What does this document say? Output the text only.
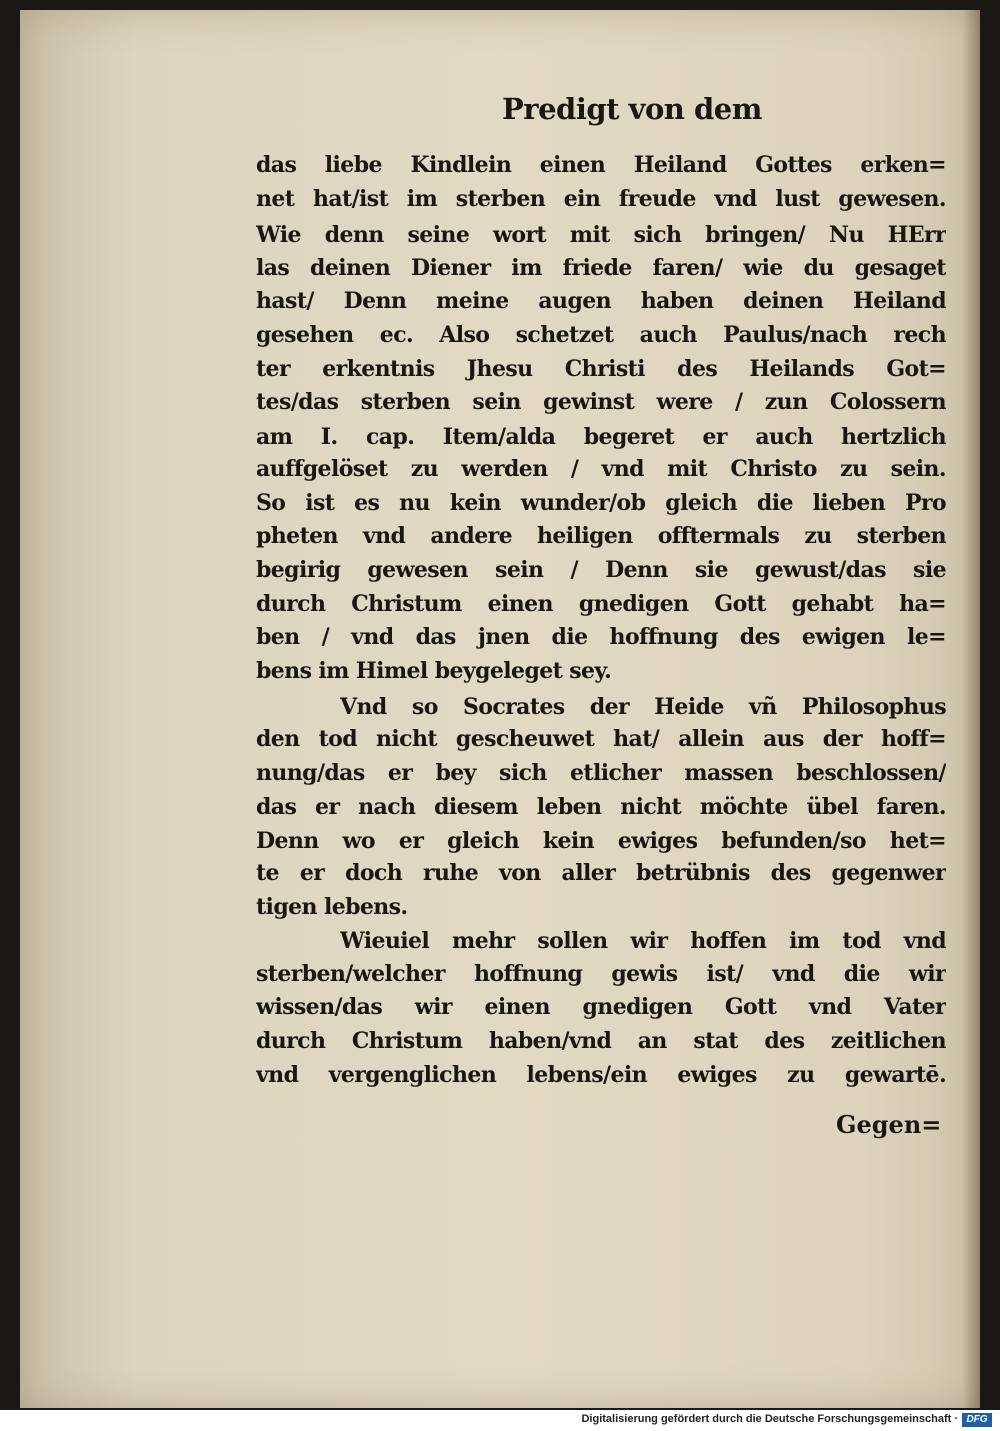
Predigt von dem
das liebe Kindlein einen Heiland Gottes erken=
net hat/ist im sterben ein freude vnd lust gewesen.
Wie denn seine wort mit sich bringen/ Nu HErr
las deinen Diener im friede faren/ wie du gesaget
hast/ Denn meine augen haben deinen Heiland
gesehen ec. Also schetzet auch Paulus/nach rech
ter erkentnis Jhesu Christi des Heilands Got=
tes/das sterben sein gewinst were / zun Colossern
am I. cap. Item/alda begeret er auch hertzlich
auffgelöset zu werden / vnd mit Christo zu sein.
So ist es nu kein wunder/ob gleich die lieben Pro
pheten vnd andere heiligen offtermals zu sterben
begirig gewesen sein / Denn sie gewust/das sie
durch Christum einen gnedigen Gott gehabt ha=
ben / vnd das jnen die hoffnung des ewigen le=
bens im Himel beygeleget sey.
Vnd so Socrates der Heide vñ Philosophus
den tod nicht gescheuwet hat/ allein aus der hoff=
nung/das er bey sich etlicher massen beschlossen/
das er nach diesem leben nicht möchte übel faren.
Denn wo er gleich kein ewiges befunden/so het=
te er doch ruhe von aller betrübnis des gegenwer
tigen lebens.
Wieuiel mehr sollen wir hoffen im tod vnd
sterben/welcher hoffnung gewis ist/ vnd die wir
wissen/das wir einen gnedigen Gott vnd Vater
durch Christum haben/vnd an stat des zeitlichen
vnd vergenglichen lebens/ein ewiges zu gewartē.
Gegen=
Digitalisierung gefördert durch die Deutsche Forschungsgemeinschaft · DFG
